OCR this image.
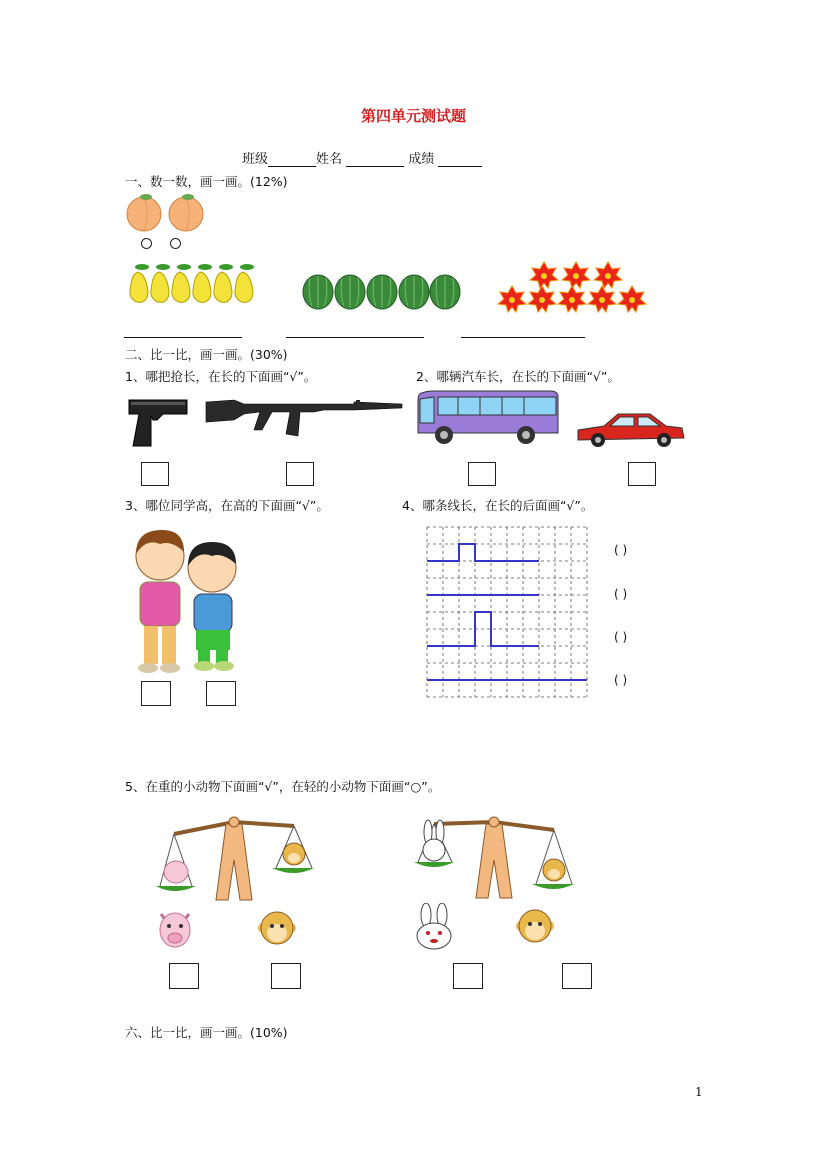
第四单元测试题
班级	姓名	成绩
一、数一数，画一画。(12%)
二、比一比，画一画。(30%)
1、哪把抢长，在长的下面画“√”。	2、哪辆汽车长，在长的下面画“√”。
3、哪位同学高，在高的下面画“√”。	4、哪条线长，在长的后面画“√”。
( )
( )
( )
( )
5、在重的小动物下面画“√”，在轻的小动物下面画“○”。
六、比一比，画一画。(10%)
1
